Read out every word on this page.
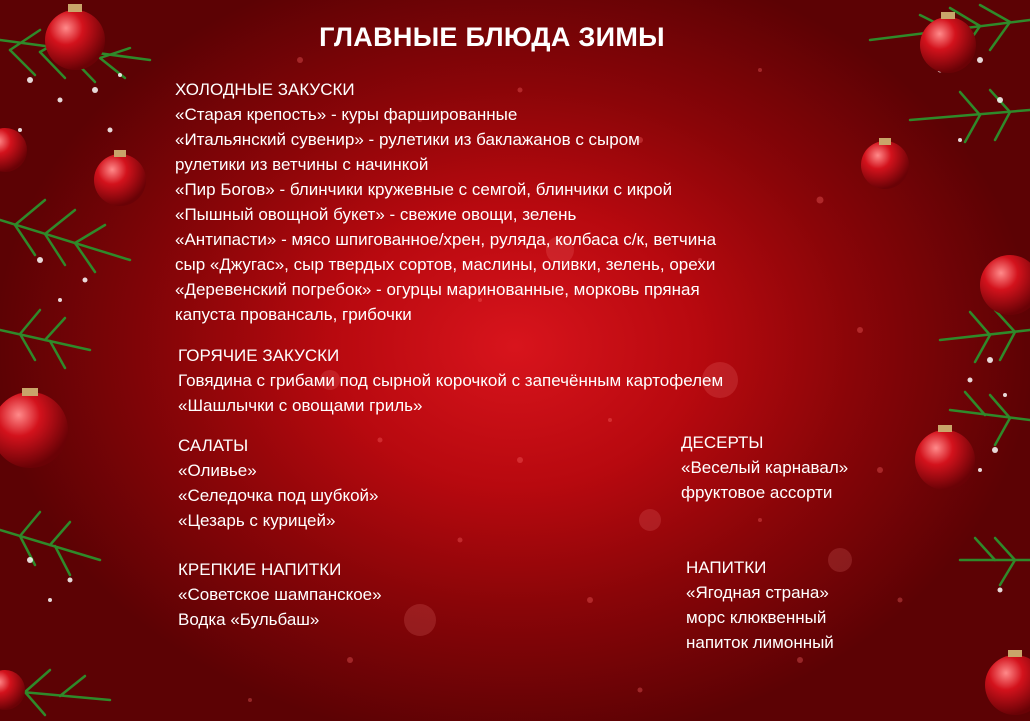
ГЛАВНЫЕ БЛЮДА ЗИМЫ
ХОЛОДНЫЕ ЗАКУСКИ
«Старая крепость» - куры фаршированные
«Итальянский сувенир» - рулетики из баклажанов с сыром
рулетики из ветчины с начинкой
«Пир Богов» - блинчики кружевные с семгой, блинчики с икрой
«Пышный овощной букет» - свежие овощи, зелень
«Антипасти» - мясо шпигованное/хрен, руляда, колбаса с/к, ветчина
сыр «Джугас», сыр твердых сортов, маслины, оливки, зелень, орехи
«Деревенский погребок» - огурцы маринованные, морковь пряная
капуста провансаль, грибочки
ГОРЯЧИЕ ЗАКУСКИ
Говядина с грибами под сырной корочкой с запечённым картофелем
«Шашлычки с овощами гриль»
САЛАТЫ
«Оливье»
«Селедочка под шубкой»
«Цезарь с курицей»
ДЕСЕРТЫ
«Веселый карнавал»
фруктовое ассорти
КРЕПКИЕ НАПИТКИ
«Советское шампанское»
Водка «Бульбаш»
НАПИТКИ
«Ягодная страна»
морс клюквенный
напиток лимонный
